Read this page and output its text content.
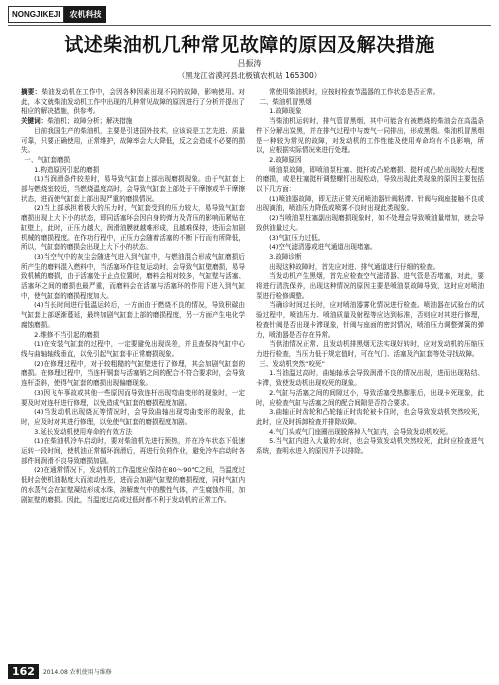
NONGJIKEJI	农机科技
试述柴油机几种常见故障的原因及解决措施
吕振涛
（黑龙江省漠河县北极镇农机站 165300）

摘要：柴油发动机在工作中，会因各种因素出现不同的故障，影响使用。对此，本文就柴油发动机工作中出现的几种常见故障的原因进行了分析并提出了相应的解决措施，供参考。

关键词：柴油机；故障分析；解决措施

目前我国生产的柴油机，主要是引进国外技术，应该说是工艺先进、质量可靠，只要正确使用，正常维护，故障率会大大降低，反之会造成不必要的损失。

一、气缸套磨损

1.构造原因引起的磨损

(1)当润滑条件较差时，易导致气缸套上部出现磨损现象。由于气缸套上部与燃烧室较近，当燃烧温度高时，会导致气缸套上部处于干摩擦或半干摩擦状态，进而使气缸套上部出现严重的磨损情况。

(2)当上部承担着极大的压力时，气缸套受到的压力较大，易导致气缸套磨损出现上大下小的状态，即同活塞环会因自身的弹力及背压的影响而紧贴在缸壁上，此时，正压力越大，润滑油膜就越难形成，且越难保持，进而会加剧机械的磨损程度。在作功行程中，正压力会随着活塞的不断下行而有所降低，所以，气缸套的磨损会出现上大下小的状态。

(3)当空气中的灰尘会随进气进入到气缸中，与燃油混合形成气缸磨损后所产生的磨料混入燃料中，当活塞环作往复运动时，会导致气缸壁磨损，易导致机械的磨损，由于活塞处于止点位置时，磨料会相对较多，气缸壁与活塞、活塞环之间的磨损也最严重，而磨料会在活塞与活塞环的作用下进入到气缸中，使气缸套的磨损程度加大。

(4)当长时间进行低温运转后，一方面由于燃烧不良的情况，导致积碳由气缸套上部逐渐蔓延，最终加剧气缸套上部的磨损程度，另一方面产生电化学腐蚀磨损。

2.维修不当引起的磨损

(1)在安装气缸套的过程中，一定要避免出现误差，并且查保持气缸中心线与曲轴轴线垂直，以免引起气缸套非正常磨损现象。

(2)在修理过程中，对于较粗糙的气缸壁进行了修理，其会加剧气缸套的磨损。在修理过程中，当连杆铜套与活塞销之间的配合不符合要求时，会导致连杆歪斜，使得气缸套的磨损出现偏磨现象。

(3)因飞车事故或其他一些原因而导致连杆出现弯曲变形的现象时，一定要及时对连杆进行修理，以免造成气缸套的磨损程度加剧。

(4)当发动机出现烧瓦等情况时，会导致曲轴出现弯曲变形的现象，此时，应及时对其进行修理，以免使气缸套的磨损程度加剧。

3.延长发动机使用寿命的有效方法

(1)在柴油机冷车启动时，要对柴油机先进行预热，并在冷车状态下低速运转一段时间，使机油正常循环润滑后，再进行负荷作业，避免冷车启动时各部件间润滑不良导致磨损加剧。

(2)在通常情况下，发动机的工作温度应保持在80～90℃之间，当温度过低时会使机油黏度大而流动性差，进而会加剧气缸壁的磨损程度，同时气缸内的水蒸气会在缸壁凝结形成水珠，溶解废气中的酸性气体，产生腐蚀作用，加剧缸壁的磨损。因此，当温度过高或过低时都不利于发动机的正常工作。

常使用柴油机时，应按时检查节温器的工作状态是否正常。

二、柴油机冒黑烟

1.故障现象

当柴油机运转时，排气管冒黑烟，其中可能含有被燃烧的柴油会在高温条件下分解出炭黑，并在排气过程中与废气一同排出，形成黑烟。柴油机冒黑烟是一种较为常见的故障，对发动机的工作性能及使用寿命均有不良影响，所以，应根据实际情况来进行处理。

2.故障原因

喷油泵故障，即喷油泵柱塞、挺杆或凸轮磨损、挺杆或凸轮出现较大程度的磨损，或是柱塞挺杆调整螺钉出现松动，导致出现此类现象的原因主要包括以下几方面：

(1)喷油器故障，即无法正常关闭喷油器针阀粘滞、针阀与阀座接触不良或出现滴油，喷油压力降低或喷雾不良时出现此类现象。

(2)当喷油泵柱塞副出现磨损现象时，如不处理会导致喷油量增加，就会导致供油量过大。

(3)气缸压力过低。

(4)空气滤清器或进气通道出现堵塞。

3.故障诊断

出现这种故障时，首先应对进、排气通道进行仔细的检查。

当发动机产生黑烟，首先应检查空气滤清器、进气管是否堵塞，对此，要将进行清洗保养，出现这种情况的原因主要是喷油泵故障导致，这时应对喷油泵进行检修调整。

当确诊时间过长时，应对喷油器雾化情况进行检查。喷油器在试验台的试验过程中，喷油压力、喷油质量及射程等应达到标准，否则应对其进行修理，检查针阀是否出现卡滞现象，针阀与座面的密封情况，喷油压力调整弹簧的弹力，喷油器是否存在异常。

当供油情况正常、且发动机排黑烟无法实现好转时，应对发动机的压缩压力进行检查，当压力低于规定值时，可在气门、活塞及汽缸套等处寻找故障。

三、发动机突然“咬死”

1.当油温过高时，曲轴轴承会导致润滑不良的情况出现，进而出现粘结、卡滞，致使发动机出现咬死的现象。

2.气缸与活塞之间的间隙过小，导致活塞受热膨胀后，出现卡死现象，此时，应检查气缸与活塞之间的配合间隙是否符合要求。

3.曲轴正时齿轮和凸轮轴正时齿轮被卡住时，也会导致发动机突然咬死，此时，应及时拆卸检查并排除故障。

4.气门头或气门座圈出现脱落掉入气缸内，会导致发动机咬死。

5.当气缸内进入大量的水时，也会导致发动机突然咬死，此时应检查进气系统，查明水进入的原因并予以排除。

162	2014.08 农机使用与维修
